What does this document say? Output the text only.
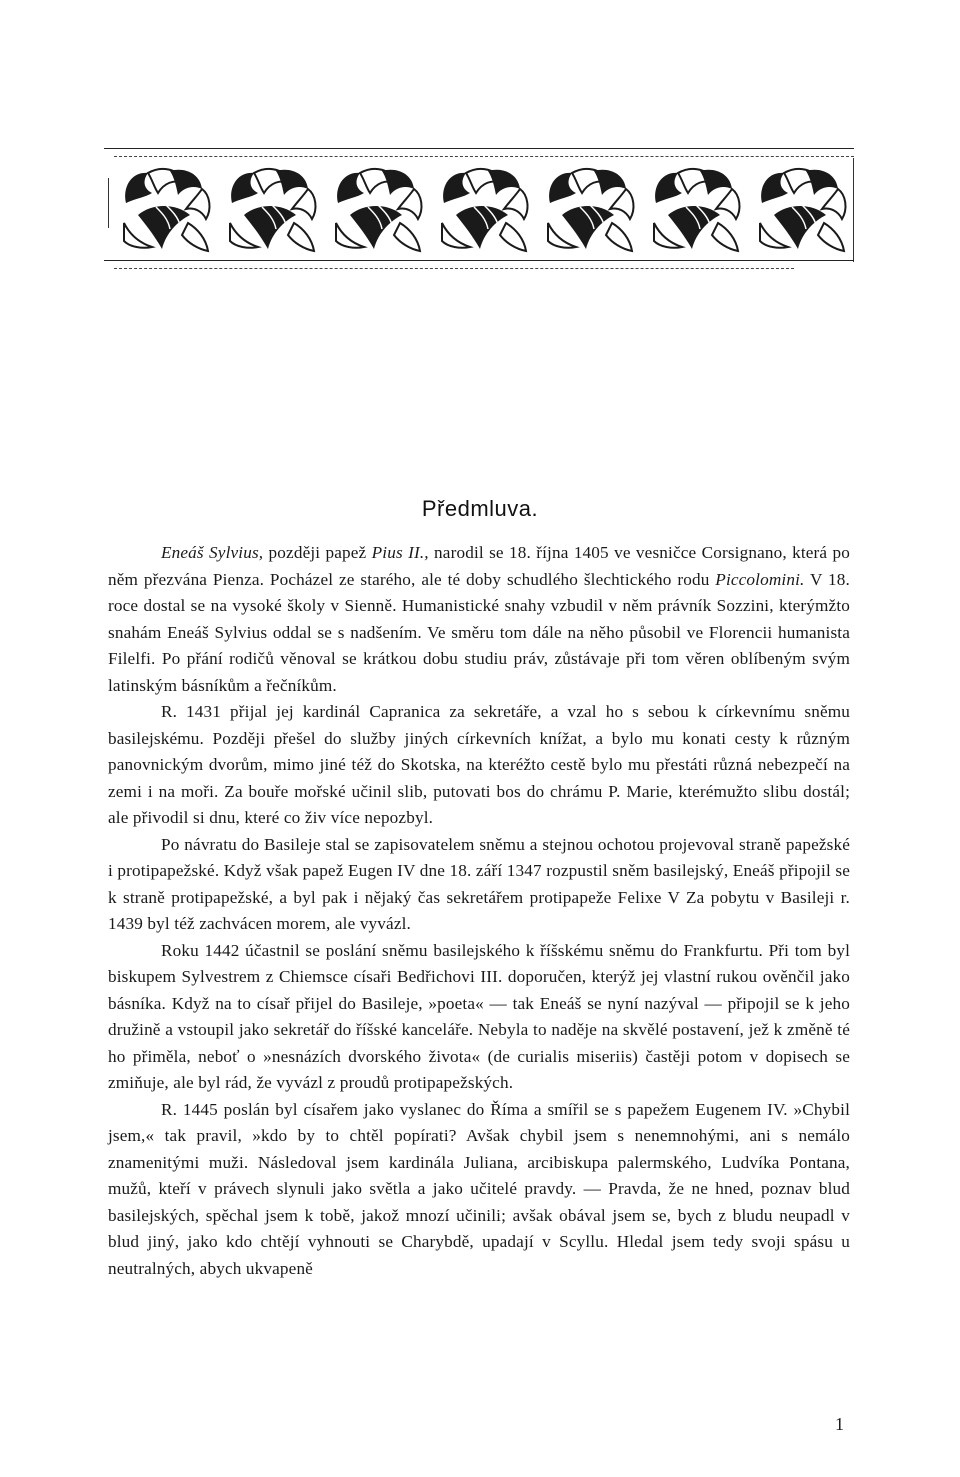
Předmluva.

Eneáš Sylvius, později papež Pius II., narodil se 18. října 1405 ve vesničce Corsignano, která po něm přezvána Pienza. Pocházel ze starého, ale té doby schudlého šlechtického rodu Piccolomini. V 18. roce dostal se na vysoké školy v Sienně. Humanistické snahy vzbudil v něm právník Sozzini, kterýmžto snahám Eneáš Sylvius oddal se s nadšením. Ve směru tom dále na něho působil ve Florencii humanista Filelfi. Po přání rodičů věnoval se krátkou dobu studiu práv, zůstávaje při tom věren oblíbeným svým latinským básníkům a řečníkům.

R. 1431 přijal jej kardinál Capranica za sekretáře, a vzal ho s sebou k církevnímu sněmu basilejskému. Později přešel do služby jiných církevních knížat, a bylo mu konati cesty k různým panovnickým dvorům, mimo jiné též do Skotska, na kteréžto cestě bylo mu přestáti různá nebezpečí na zemi i na moři. Za bouře mořské učinil slib, putovati bos do chrámu P. Marie, kterémužto slibu dostál; ale přivodil si dnu, které co živ více nepozbyl.

Po návratu do Basileje stal se zapisovatelem sněmu a stejnou ochotou projevoval straně papežské i protipapežské. Když však papež Eugen IV dne 18. září 1347 rozpustil sněm basilejský, Eneáš připojil se k straně protipapežské, a byl pak i nějaký čas sekretářem protipapeže Felixe V Za pobytu v Basileji r. 1439 byl též zachvácen morem, ale vyvázl.

Roku 1442 účastnil se poslání sněmu basilejského k říšskému sněmu do Frankfurtu. Při tom byl biskupem Sylvestrem z Chiemsce císaři Bedřichovi III. doporučen, kterýž jej vlastní rukou ověnčil jako básníka. Když na to císař přijel do Basileje, »poeta« — tak Eneáš se nyní nazýval — připojil se k jeho družině a vstoupil jako sekretář do říšské kanceláře. Nebyla to naděje na skvělé postavení, jež k změně té ho přiměla, neboť o »nesnázích dvorského života« (de curialis miseriis) častěji potom v dopisech se zmiňuje, ale byl rád, že vyvázl z proudů protipapežských.

R. 1445 poslán byl císařem jako vyslanec do Říma a smířil se s papežem Eugenem IV. »Chybil jsem,« tak pravil, »kdo by to chtěl popírati? Avšak chybil jsem s nenemnohými, ani s nemálo znamenitými muži. Následoval jsem kardinála Juliana, arcibiskupa palermského, Ludvíka Pontana, mužů, kteří v právech slynuli jako světla a jako učitelé pravdy. — Pravda, že ne hned, poznav blud basilejských, spěchal jsem k tobě, jakož mnozí učinili; avšak obával jsem se, bych z bludu neupadl v blud jiný, jako kdo chtějí vyhnouti se Charybdě, upadají v Scyllu. Hledal jsem tedy svoji spásu u neutralných, abych ukvapeně

1
